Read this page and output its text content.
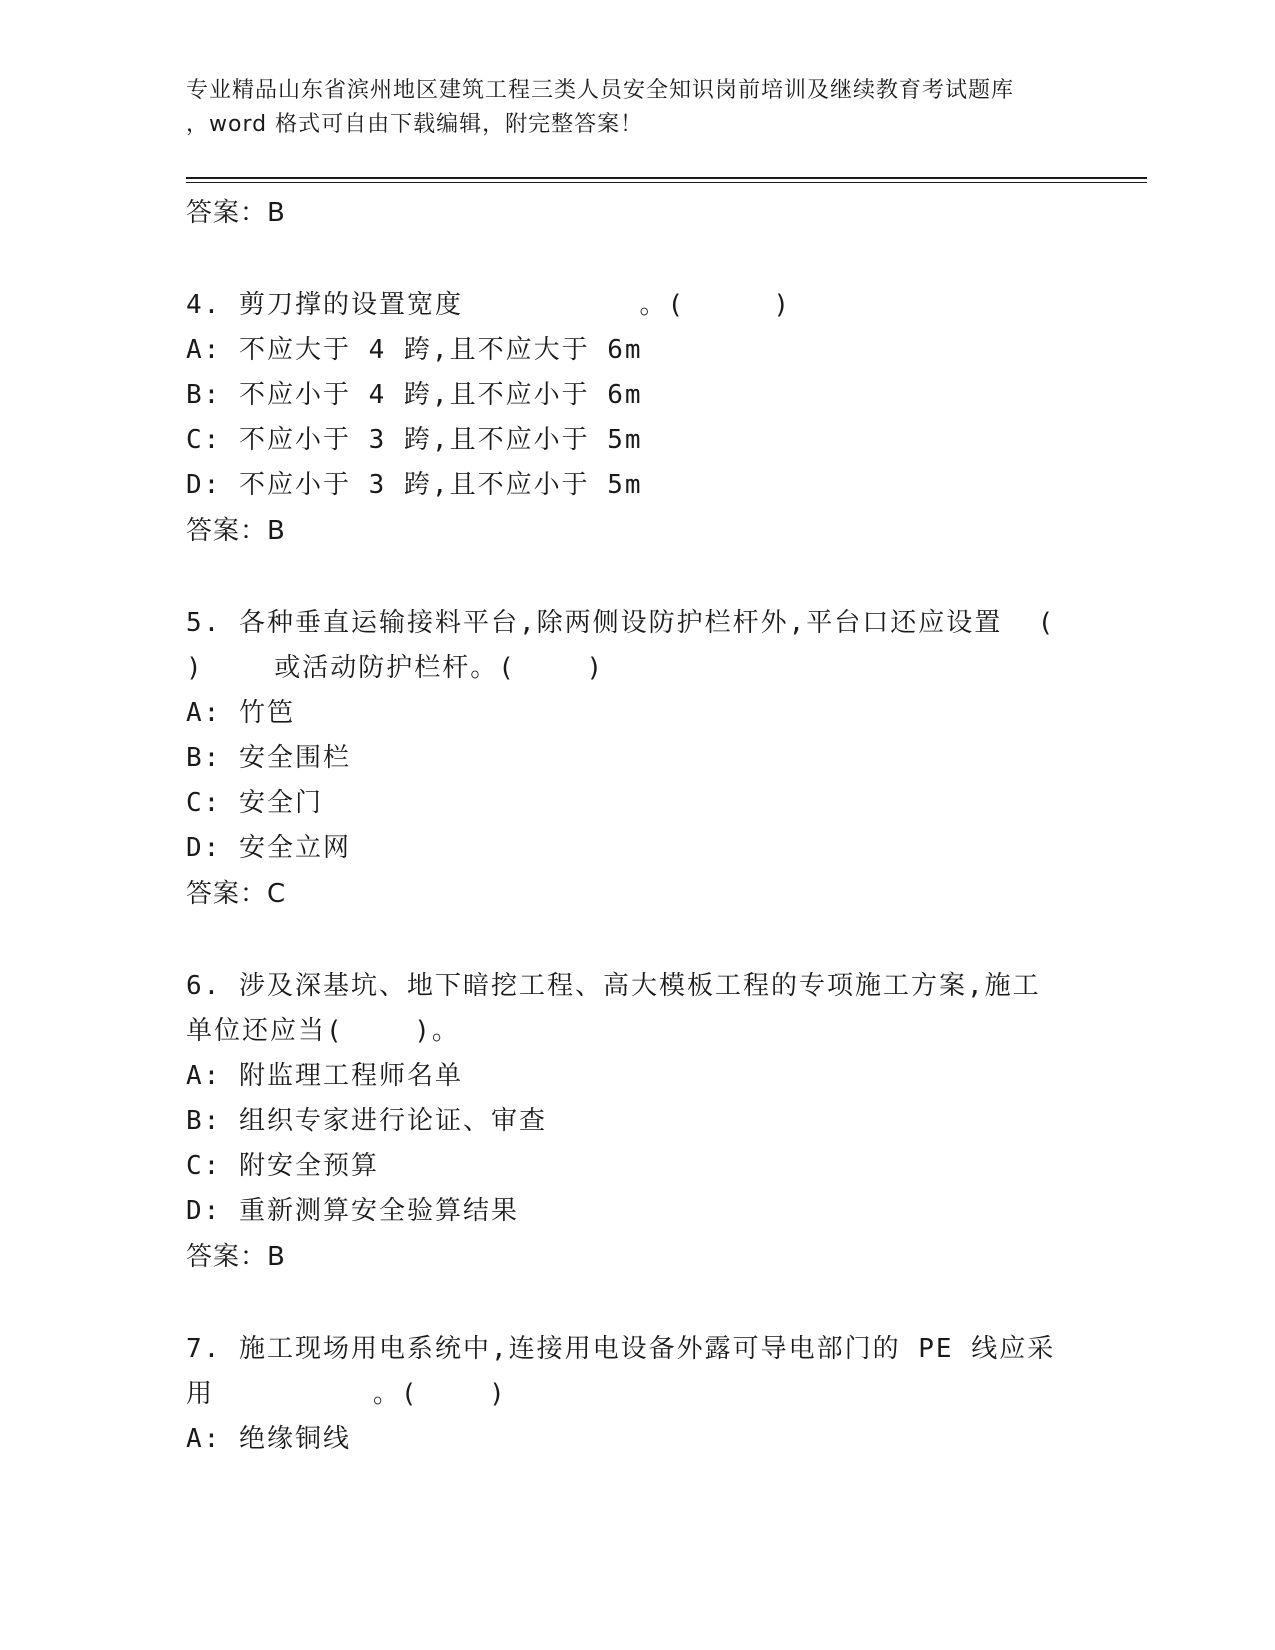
专业精品山东省滨州地区建筑工程三类人员安全知识岗前培训及继续教育考试题库
，word 格式可自由下载编辑，附完整答案！
答案：B
4. 剪刀撑的设置宽度          。(     )
A: 不应大于 4 跨,且不应大于 6m
B: 不应小于 4 跨,且不应小于 6m
C: 不应小于 3 跨,且不应小于 5m
D: 不应小于 3 跨,且不应小于 5m
答案：B
5. 各种垂直运输接料平台,除两侧设防护栏杆外,平台口还应设置  (
)    或活动防护栏杆。(    )
A: 竹笆
B: 安全围栏
C: 安全门
D: 安全立网
答案：C
6. 涉及深基坑、地下暗挖工程、高大模板工程的专项施工方案,施工
单位还应当(    )。
A: 附监理工程师名单
B: 组织专家进行论证、审查
C: 附安全预算
D: 重新测算安全验算结果
答案：B
7. 施工现场用电系统中,连接用电设备外露可导电部门的 PE 线应采
用         。(    )
A: 绝缘铜线
